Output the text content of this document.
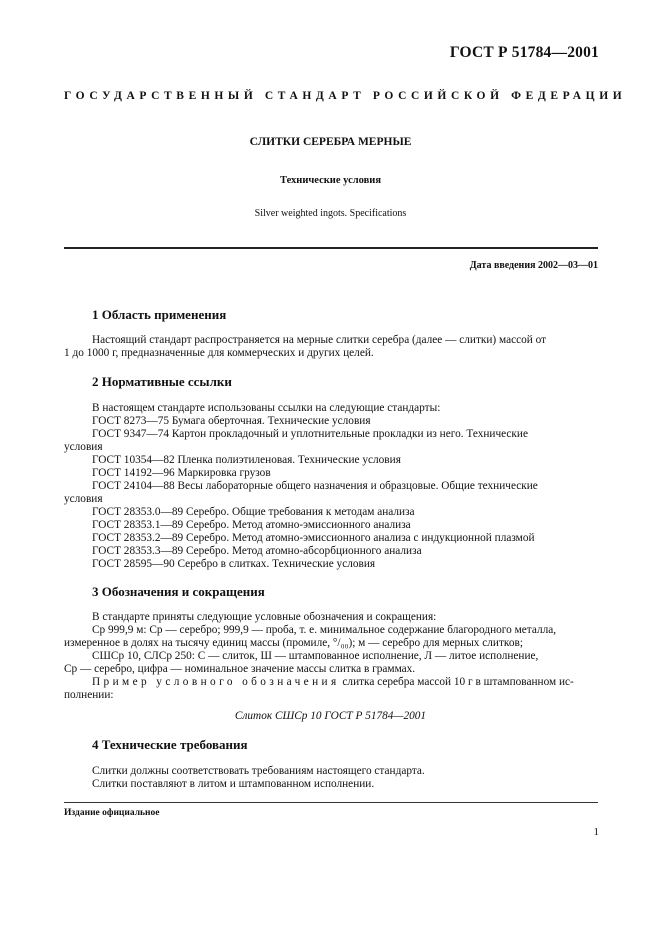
ГОСТ Р 51784—2001
ГОСУДАРСТВЕННЫЙ СТАНДАРТ РОССИЙСКОЙ ФЕДЕРАЦИИ
СЛИТКИ СЕРЕБРА МЕРНЫЕ
Технические условия
Silver weighted ingots. Specifications
Дата введения 2002—03—01
1 Область применения
Настоящий стандарт распространяется на мерные слитки серебра (далее — слитки) массой от
1 до 1000 г, предназначенные для коммерческих и других целей.
2 Нормативные ссылки
В настоящем стандарте использованы ссылки на следующие стандарты:
ГОСТ 8273—75 Бумага оберточная. Технические условия
ГОСТ 9347—74 Картон прокладочный и уплотнительные прокладки из него. Технические
условия
ГОСТ 10354—82 Пленка полиэтиленовая. Технические условия
ГОСТ 14192—96 Маркировка грузов
ГОСТ 24104—88 Весы лабораторные общего назначения и образцовые. Общие технические
условия
ГОСТ 28353.0—89 Серебро. Общие требования к методам анализа
ГОСТ 28353.1—89 Серебро. Метод атомно-эмиссионного анализа
ГОСТ 28353.2—89 Серебро. Метод атомно-эмиссионного анализа с индукционной плазмой
ГОСТ 28353.3—89 Серебро. Метод атомно-абсорбционного анализа
ГОСТ 28595—90 Серебро в слитках. Технические условия
3 Обозначения и сокращения
В стандарте приняты следующие условные обозначения и сокращения:
Ср 999,9 м: Ср — серебро; 999,9 — проба, т. е. минимальное содержание благородного металла,
измеренное в долях на тысячу единиц массы (промиле, °/₀₀); м — серебро для мерных слитков;
СШСр 10, СЛСр 250: С — слиток, Ш — штампованное исполнение, Л — литое исполнение,
Ср — серебро, цифра — номинальное значение массы слитка в граммах.
Пример условного обозначения слитка серебра массой 10 г в штампованном ис-
полнении:
Слиток СШСр 10 ГОСТ Р 51784—2001
4 Технические требования
Слитки должны соответствовать требованиям настоящего стандарта.
Слитки поставляют в литом и штампованном исполнении.
Издание официальное
1
